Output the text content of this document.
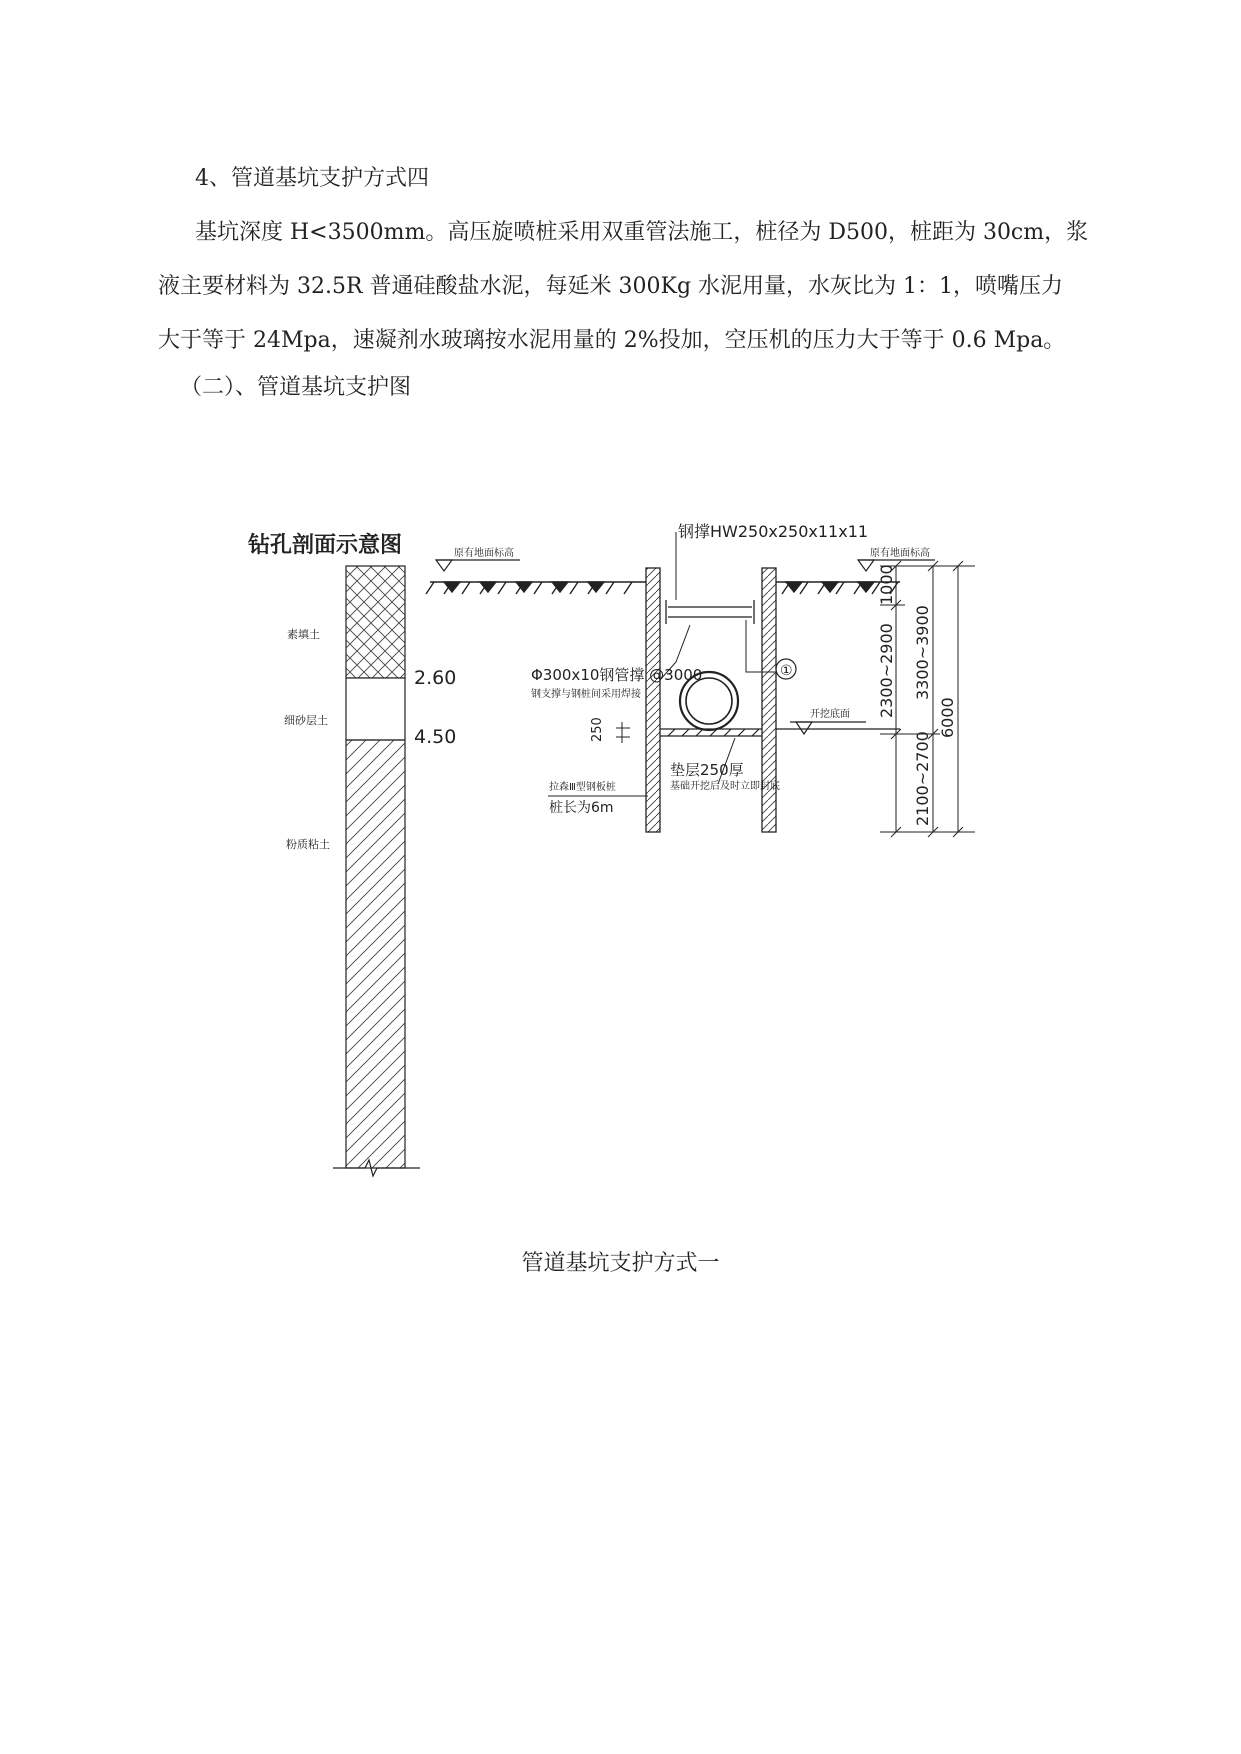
4、管道基坑支护方式四
基坑深度 H<3500mm。高压旋喷桩采用双重管法施工，桩径为 D500，桩距为 30cm，浆
液主要材料为 32.5R 普通硅酸盐水泥，每延米 300Kg 水泥用量，水灰比为 1：1，喷嘴压力
大于等于 24Mpa，速凝剂水玻璃按水泥用量的 2%投加，空压机的压力大于等于 0.6 Mpa。
（二）、管道基坑支护图
钻孔剖面示意图
素填土
细砂层土
粉质粘土
2.60
4.50
原有地面标高	原有地面标高
钢撑HW250x250x11x11
Φ300x10钢管撑 @3000
钢支撑与钢桩间采用焊接
①
250
开挖底面
垫层250厚
基础开挖后及时立即封底
拉森Ⅲ型钢板桩
桩长为6m
1000
2300~2900 3300~3900
2100~2700
6000
管道基坑支护方式一
